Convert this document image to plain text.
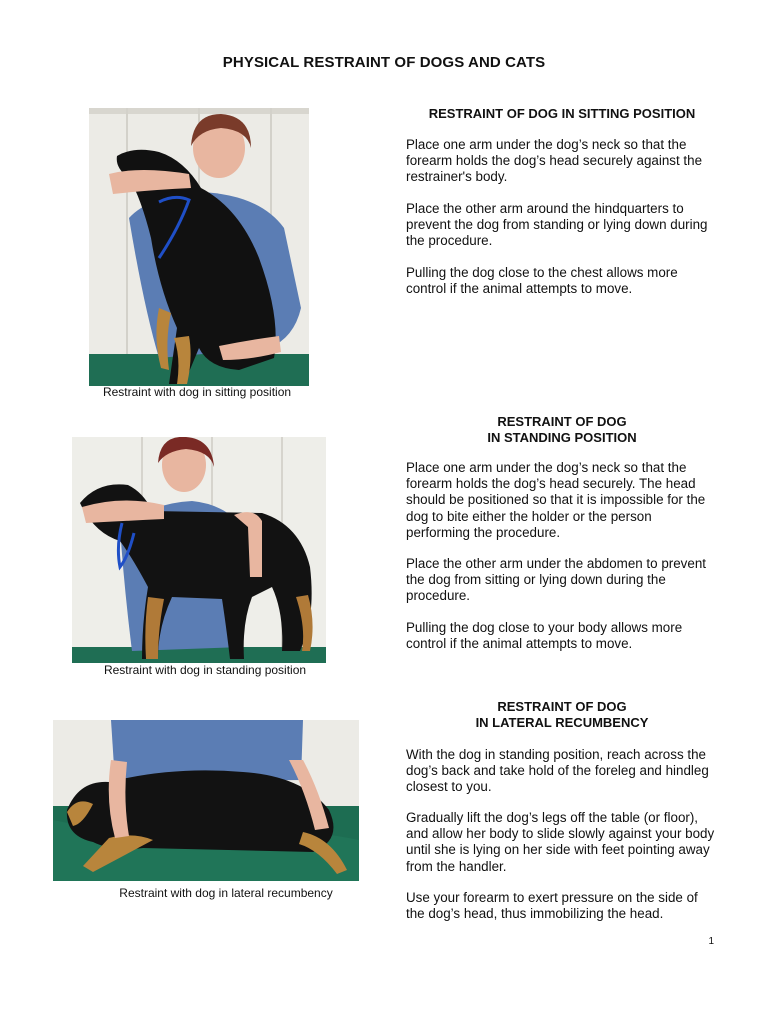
PHYSICAL RESTRAINT OF DOGS AND CATS
Restraint with dog in sitting position
RESTRAINT OF DOG IN SITTING POSITION

Place one arm under the dog’s neck so that the forearm holds the dog’s head securely against the restrainer's body.

Place the other arm around the hindquarters to prevent the dog from standing or lying down during the procedure.

Pulling the dog close to the chest allows more control if the animal attempts to move.

Restraint with dog in standing position
RESTRAINT OF DOG
IN STANDING POSITION

Place one arm under the dog’s neck so that the forearm holds the dog’s head securely. The head should be positioned so that it is impossible for the dog to bite either the holder or the person performing the procedure.

Place the other arm under the abdomen to prevent the dog from sitting or lying down during the procedure.

Pulling the dog close to your body allows more control if the animal attempts to move.

Restraint with dog in lateral recumbency
RESTRAINT OF DOG
IN LATERAL RECUMBENCY

With the dog in standing position, reach across the dog’s back and take hold of the foreleg and hindleg closest to you.

Gradually lift the dog’s legs off the table (or floor), and allow her body to slide slowly against your body until she is lying on her side with feet pointing away from the handler.

Use your forearm to exert pressure on the side of the dog’s head, thus immobilizing the head.

1
